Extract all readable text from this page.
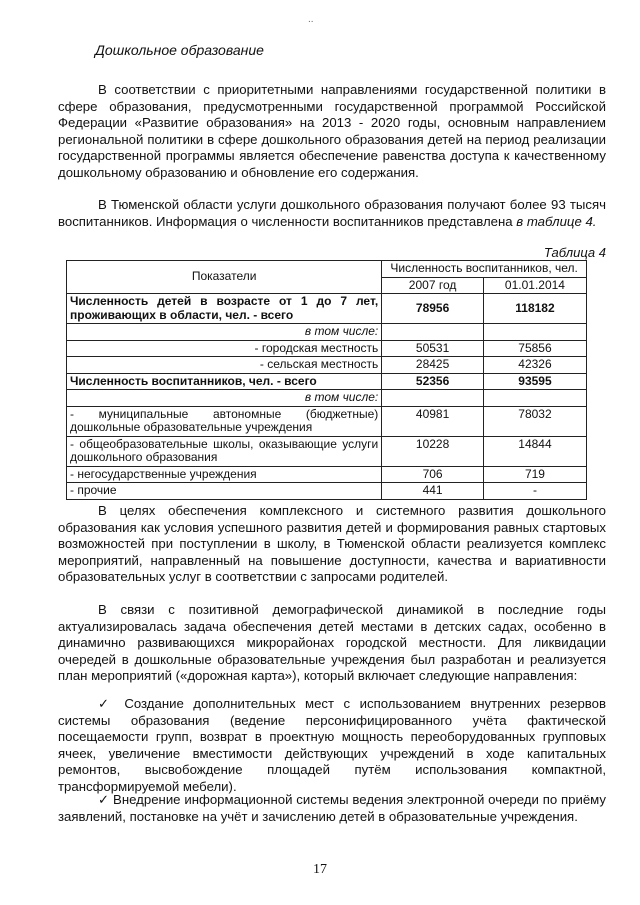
..
Дошкольное образование

В соответствии с приоритетными направлениями государственной политики в сфере образования, предусмотренными государственной программой Российской Федерации «Развитие образования» на 2013 - 2020 годы, основным направлением региональной политики в сфере дошкольного образования детей на период реализации государственной программы является обеспечение равенства доступа к качественному дошкольному образованию и обновление его содержания.

В Тюменской области услуги дошкольного образования получают более 93 тысяч воспитанников. Информация о численности воспитанников представлена в таблице 4.

Таблица 4
Показатели	Численность воспитанников, чел.	
	2007 год	01.01.2014
Численность детей в возрасте от 1 до 7 лет, проживающих в области, чел. - всего	78956	118182
в том числе:		
- городская местность	50531	75856
- сельская местность	28425	42326
Численность воспитанников, чел. - всего	52356	93595
в том числе:		
- муниципальные автономные (бюджетные) дошкольные образовательные учреждения	40981	78032
- общеобразовательные школы, оказывающие услуги дошкольного образования	10228	14844
- негосударственные учреждения	706	719
- прочие	441	-

В целях обеспечения комплексного и системного развития дошкольного образования как условия успешного развития детей и формирования равных стартовых возможностей при поступлении в школу, в Тюменской области реализуется комплекс мероприятий, направленный на повышение доступности, качества и вариативности образовательных услуг в соответствии с запросами родителей.

В связи с позитивной демографической динамикой в последние годы актуализировалась задача обеспечения детей местами в детских садах, особенно в динамично развивающихся микрорайонах городской местности. Для ликвидации очередей в дошкольные образовательные учреждения был разработан и реализуется план мероприятий («дорожная карта»), который включает следующие направления:

✓ Создание дополнительных мест с использованием внутренних резервов системы образования (ведение персонифицированного учёта фактической посещаемости групп, возврат в проектную мощность переоборудованных групповых ячеек, увеличение вместимости действующих учреждений в ходе капитальных ремонтов, высвобождение площадей путём использования компактной, трансформируемой мебели).

✓ Внедрение информационной системы ведения электронной очереди по приёму заявлений, постановке на учёт и зачислению детей в образовательные учреждения.

17
